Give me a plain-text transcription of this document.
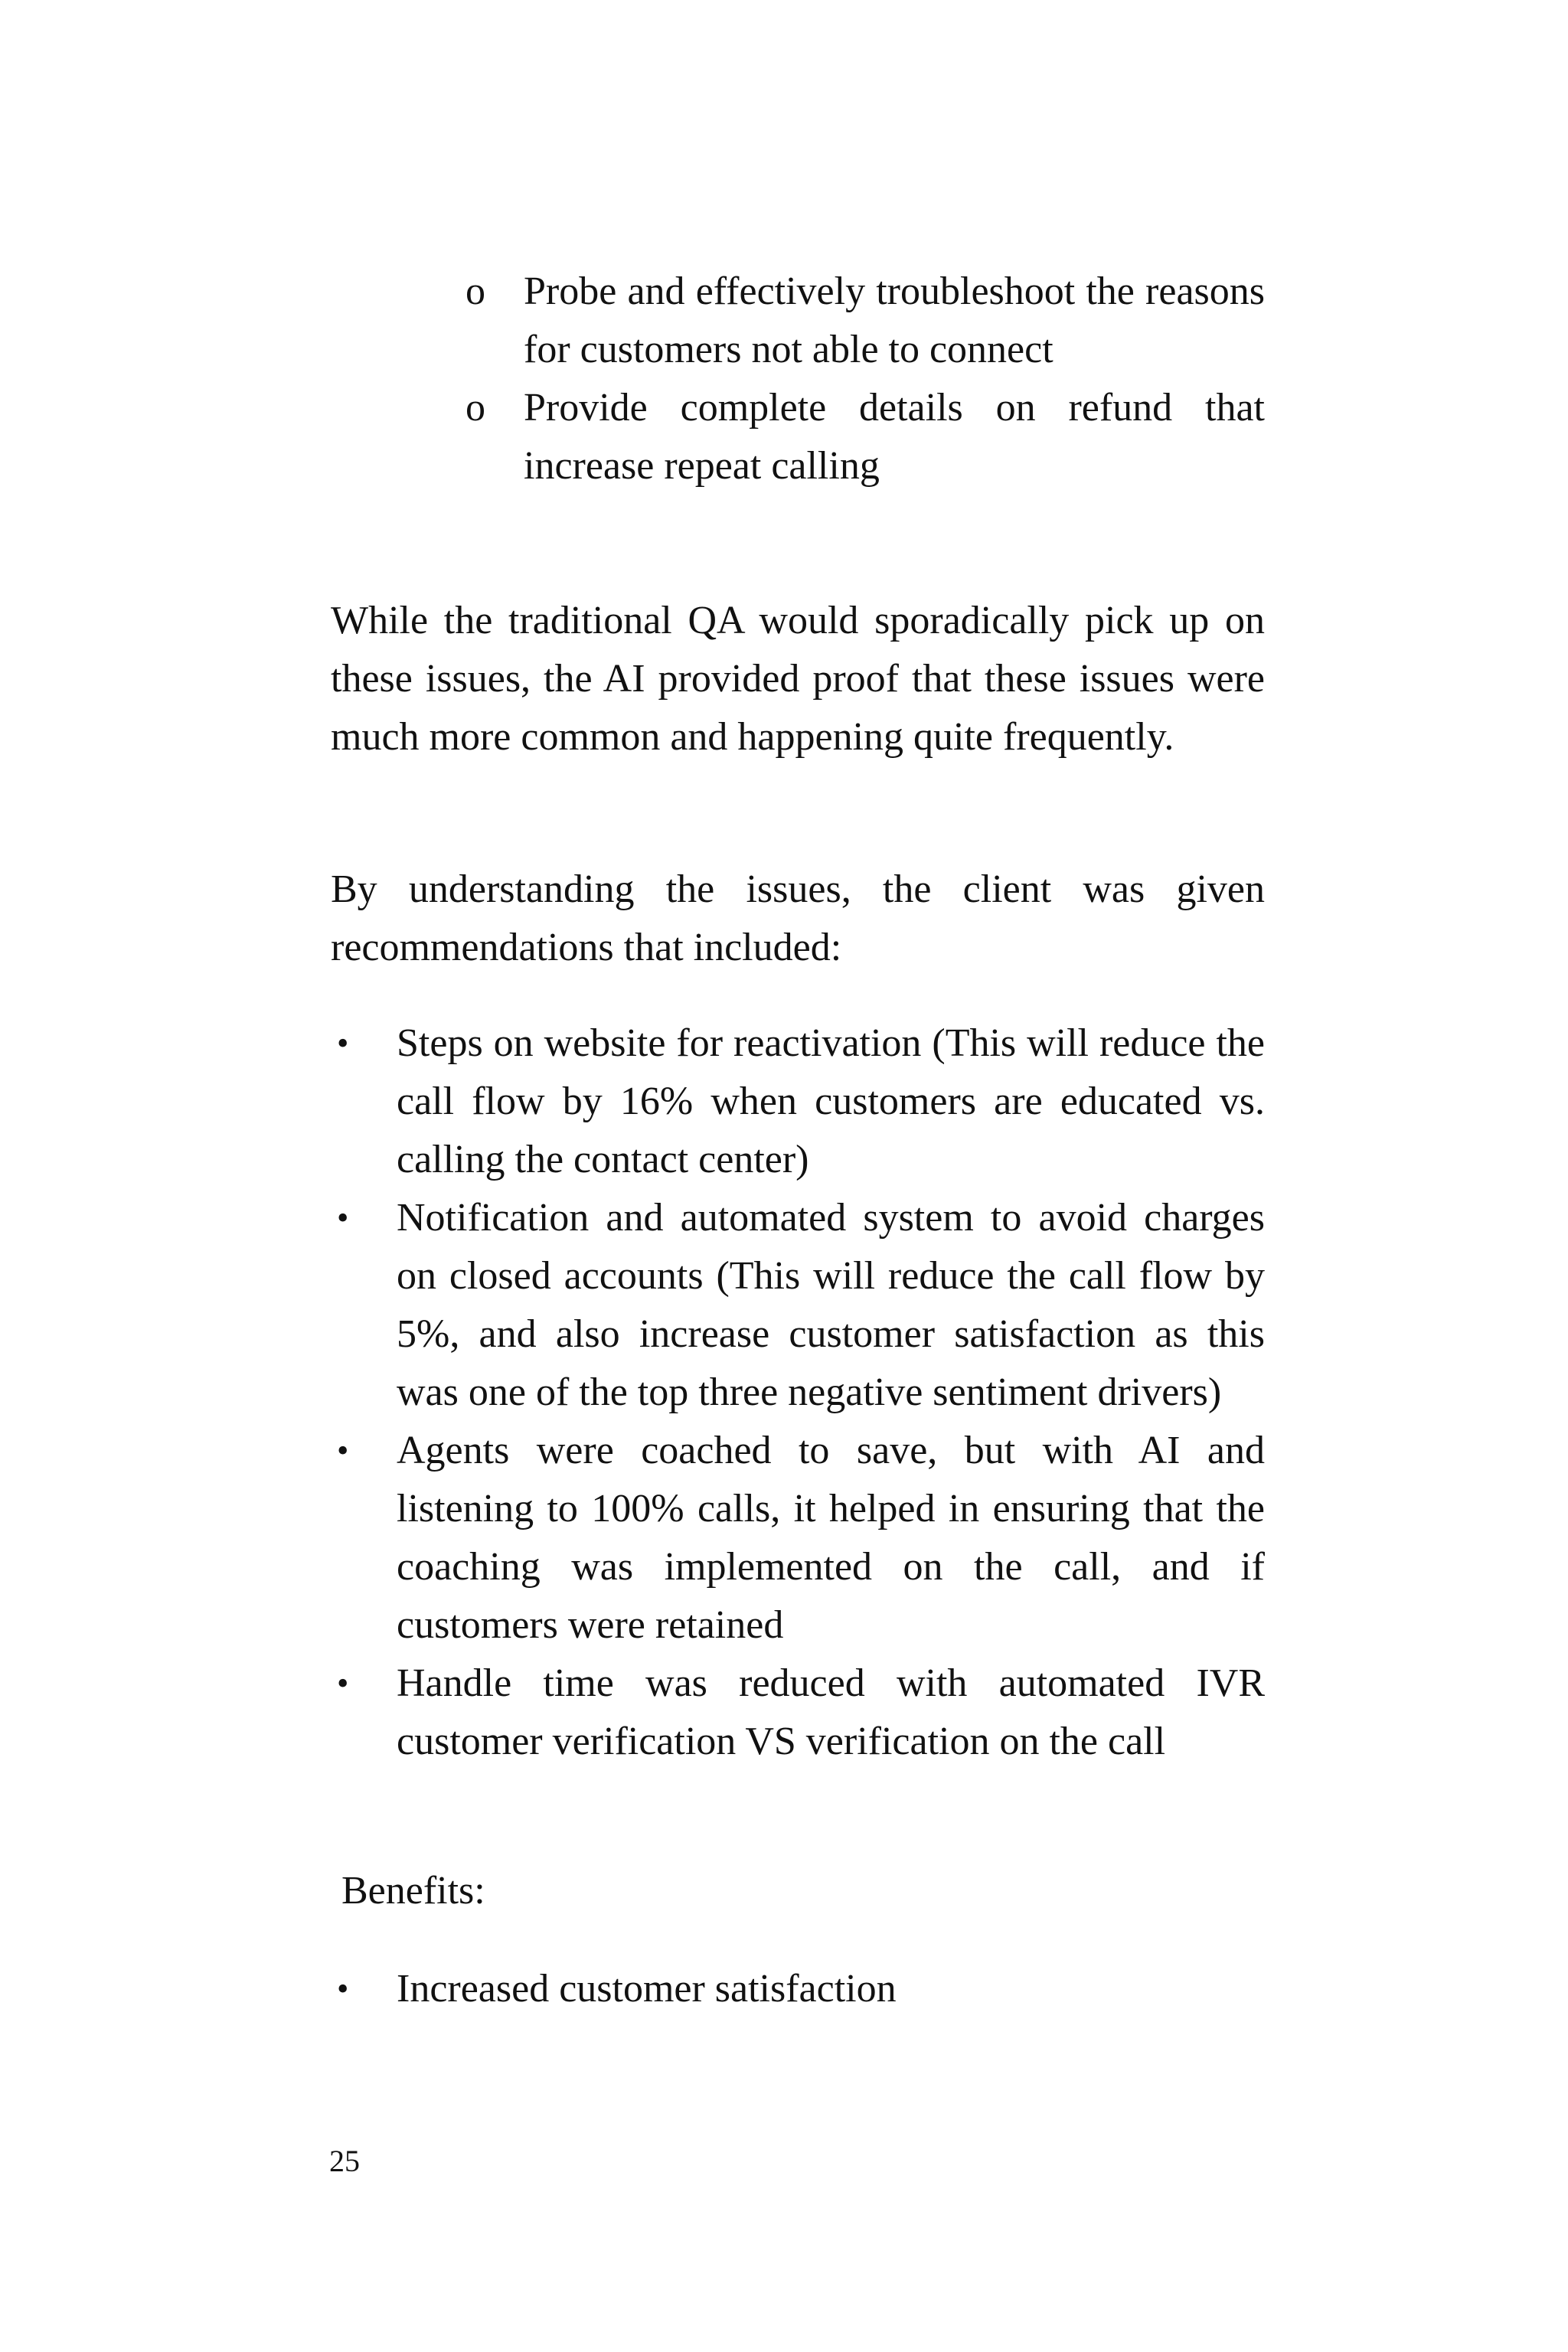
o Probe and effectively troubleshoot the reasons for customers not able to connect
o Provide complete details on refund that increase repeat calling

While the traditional QA would sporadically pick up on these issues, the AI provided proof that these issues were much more common and happening quite frequently.

By understanding the issues, the client was given recommendations that included:

• Steps on website for reactivation (This will reduce the call flow by 16% when customers are educated vs. calling the contact center)
• Notification and automated system to avoid charges on closed accounts (This will reduce the call flow by 5%, and also increase customer satisfaction as this was one of the top three negative sentiment drivers)
• Agents were coached to save, but with AI and listening to 100% calls, it helped in ensuring that the coaching was implemented on the call, and if customers were retained
• Handle time was reduced with automated IVR customer verification VS verification on the call
Benefits:
• Increased customer satisfaction
25
